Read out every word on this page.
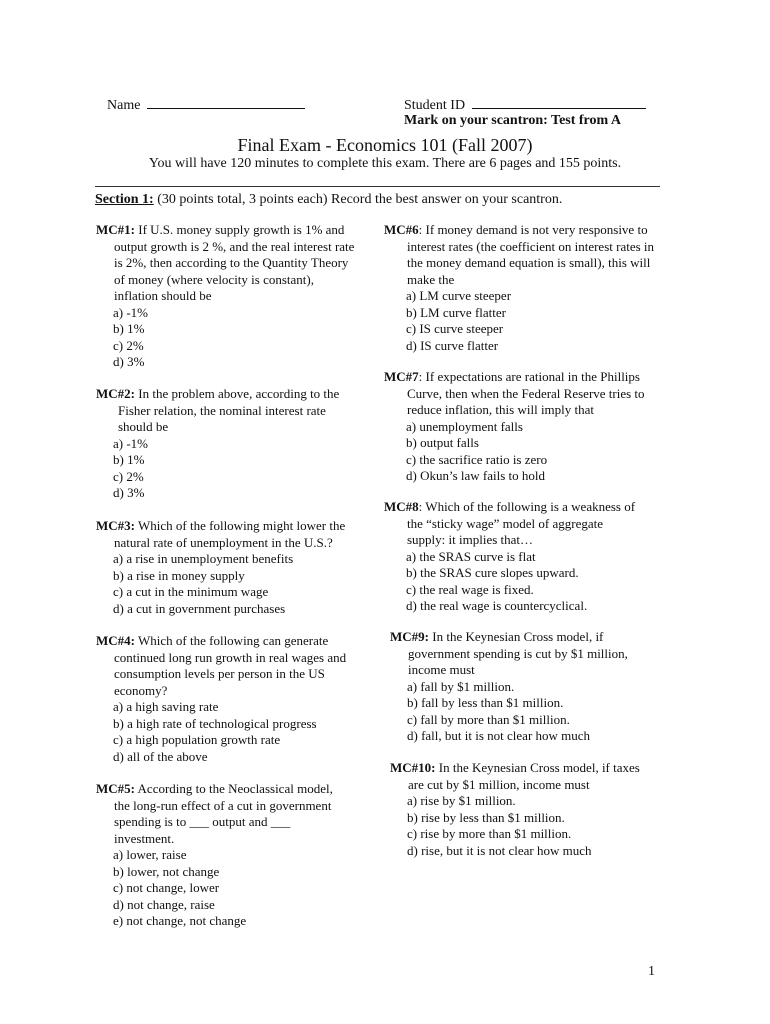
Name	Student ID
Mark on your scantron: Test from A
Final Exam - Economics 101 (Fall 2007)
You will have 120 minutes to complete this exam. There are 6 pages and 155 points.
Section 1: (30 points total, 3 points each) Record the best answer on your scantron.
MC#1: If U.S. money supply growth is 1% and
output growth is 2 %, and the real interest rate
is 2%, then according to the Quantity Theory
of money (where velocity is constant),
inflation should be
a) -1%
b) 1%
c) 2%
d) 3%
MC#2: In the problem above, according to the
Fisher relation, the nominal interest rate
should be
a) -1%
b) 1%
c) 2%
d) 3%
MC#3: Which of the following might lower the
natural rate of unemployment in the U.S.?
a) a rise in unemployment benefits
b) a rise in money supply
c) a cut in the minimum wage
d) a cut in government purchases
MC#4: Which of the following can generate
continued long run growth in real wages and
consumption levels per person in the US
economy?
a) a high saving rate
b) a high rate of technological progress
c) a high population growth rate
d) all of the above
MC#5: According to the Neoclassical model,
the long-run effect of a cut in government
spending is to ___ output and ___
investment.
a) lower, raise
b) lower, not change
c) not change, lower
d) not change, raise
e) not change, not change
MC#6: If money demand is not very responsive to
interest rates (the coefficient on interest rates in
the money demand equation is small), this will
make the
a) LM curve steeper
b) LM curve flatter
c) IS curve steeper
d) IS curve flatter
MC#7: If expectations are rational in the Phillips
Curve, then when the Federal Reserve tries to
reduce inflation, this will imply that
a) unemployment falls
b) output falls
c) the sacrifice ratio is zero
d) Okun’s law fails to hold
MC#8: Which of the following is a weakness of
the “sticky wage” model of aggregate
supply: it implies that…
a) the SRAS curve is flat
b) the SRAS cure slopes upward.
c) the real wage is fixed.
d) the real wage is countercyclical.
MC#9: In the Keynesian Cross model, if
government spending is cut by $1 million,
income must
a) fall by $1 million.
b) fall by less than $1 million.
c) fall by more than $1 million.
d) fall, but it is not clear how much
MC#10: In the Keynesian Cross model, if taxes
are cut by $1 million, income must
a) rise by $1 million.
b) rise by less than $1 million.
c) rise by more than $1 million.
d) rise, but it is not clear how much
1
